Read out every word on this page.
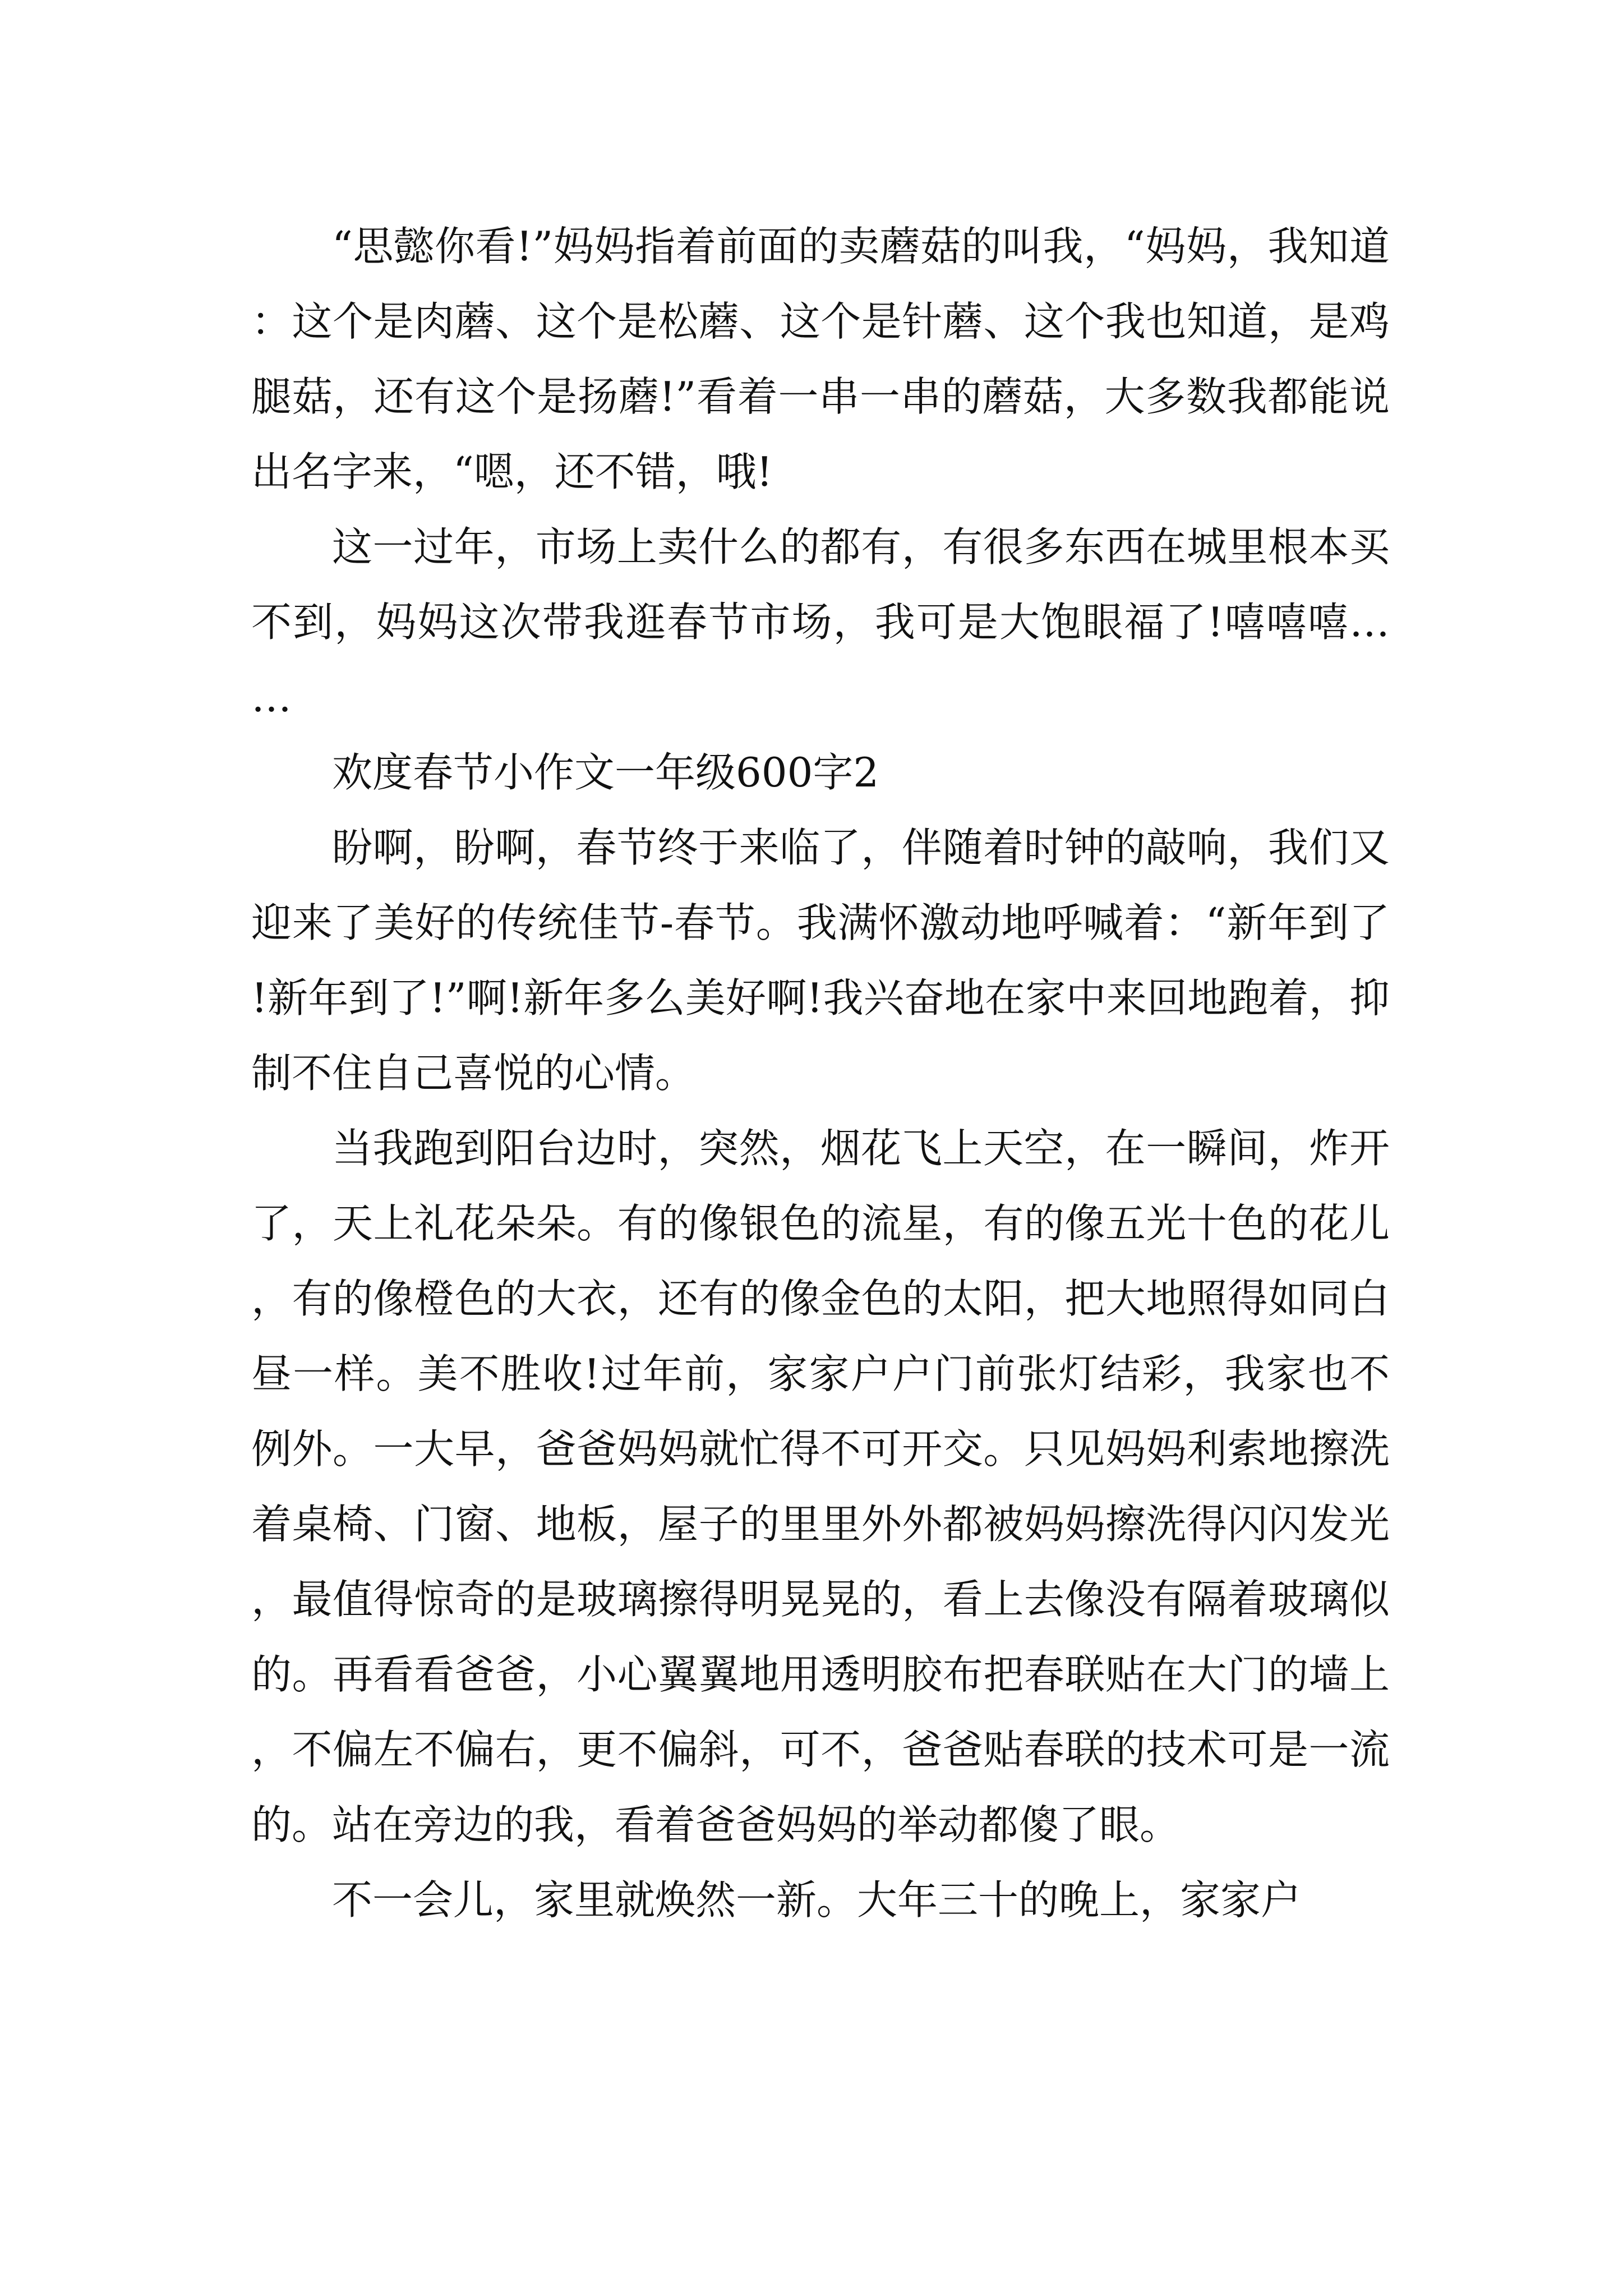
“思懿你看!”妈妈指着前面的卖蘑菇的叫我，“妈妈，我知道：这个是肉蘑、这个是松蘑、这个是针蘑、这个我也知道，是鸡腿菇，还有这个是扬蘑!”看着一串一串的蘑菇，大多数我都能说出名字来，“嗯，还不错，哦!

这一过年，市场上卖什么的都有，有很多东西在城里根本买不到，妈妈这次带我逛春节市场，我可是大饱眼福了!嘻嘻嘻……

欢度春节小作文一年级600字2

盼啊，盼啊，春节终于来临了，伴随着时钟的敲响，我们又迎来了美好的传统佳节-春节。我满怀激动地呼喊着：“新年到了!新年到了!”啊!新年多么美好啊!我兴奋地在家中来回地跑着，抑制不住自己喜悦的心情。

当我跑到阳台边时，突然，烟花飞上天空，在一瞬间，炸开了，天上礼花朵朵。有的像银色的流星，有的像五光十色的花儿，有的像橙色的大衣，还有的像金色的太阳，把大地照得如同白昼一样。美不胜收!过年前，家家户户门前张灯结彩，我家也不例外。一大早，爸爸妈妈就忙得不可开交。只见妈妈利索地擦洗着桌椅、门窗、地板，屋子的里里外外都被妈妈擦洗得闪闪发光，最值得惊奇的是玻璃擦得明晃晃的，看上去像没有隔着玻璃似的。再看看爸爸，小心翼翼地用透明胶布把春联贴在大门的墙上，不偏左不偏右，更不偏斜，可不，爸爸贴春联的技术可是一流的。站在旁边的我，看着爸爸妈妈的举动都傻了眼。

不一会儿，家里就焕然一新。大年三十的晚上，家家户
